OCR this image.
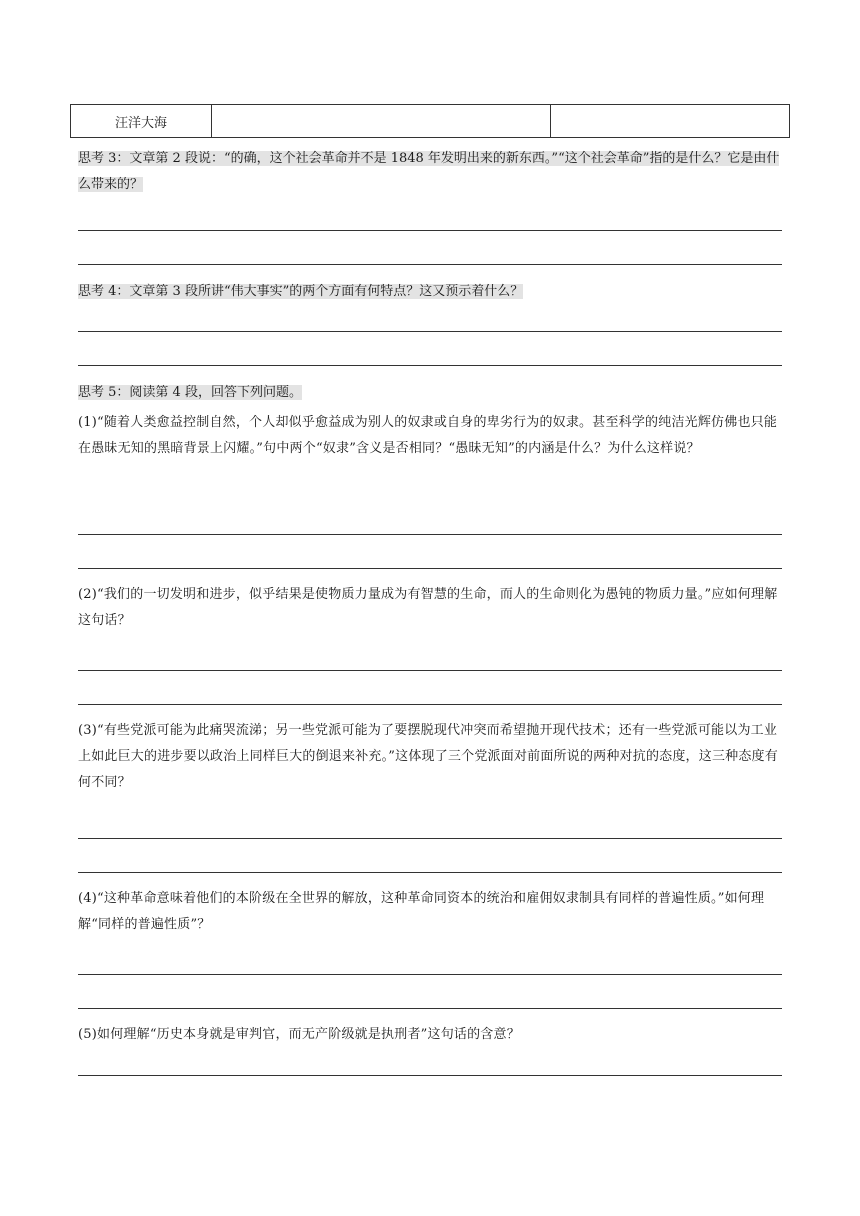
汪洋大海		

思考 3：文章第 2 段说：“的确，这个社会革命并不是 1848 年发明出来的新东西。”“这个社会革命”指的是什么？它是由什么带来的？

思考 4：文章第 3 段所讲“伟大事实”的两个方面有何特点？这又预示着什么？

思考 5：阅读第 4 段，回答下列问题。

(1)“随着人类愈益控制自然，个人却似乎愈益成为别人的奴隶或自身的卑劣行为的奴隶。甚至科学的纯洁光辉仿佛也只能在愚昧无知的黑暗背景上闪耀。”句中两个“奴隶”含义是否相同？“愚昧无知”的内涵是什么？为什么这样说？

(2)“我们的一切发明和进步，似乎结果是使物质力量成为有智慧的生命，而人的生命则化为愚钝的物质力量。”应如何理解这句话？

(3)“有些党派可能为此痛哭流涕；另一些党派可能为了要摆脱现代冲突而希望抛开现代技术；还有一些党派可能以为工业上如此巨大的进步要以政治上同样巨大的倒退来补充。”这体现了三个党派面对前面所说的两种对抗的态度，这三种态度有何不同？

(4)“这种革命意味着他们的本阶级在全世界的解放，这种革命同资本的统治和雇佣奴隶制具有同样的普遍性质。”如何理解“同样的普遍性质”？

(5)如何理解“历史本身就是审判官，而无产阶级就是执刑者”这句话的含意？
